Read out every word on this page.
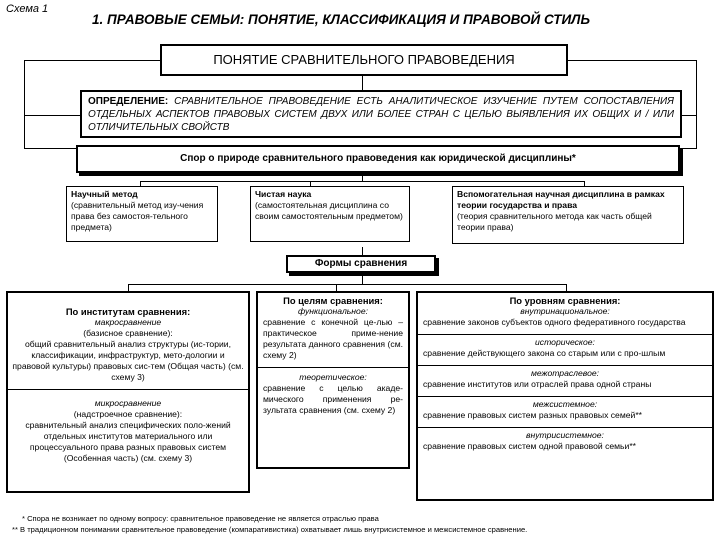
Схема 1
1. ПРАВОВЫЕ СЕМЬИ: ПОНЯТИЕ, КЛАССИФИКАЦИЯ И ПРАВОВОЙ СТИЛЬ
ПОНЯТИЕ СРАВНИТЕЛЬНОГО ПРАВОВЕДЕНИЯ
ОПРЕДЕЛЕНИЕ: СРАВНИТЕЛЬНОЕ ПРАВОВЕДЕНИЕ ЕСТЬ АНАЛИТИЧЕСКОЕ ИЗУЧЕНИЕ ПУТЕМ СОПОСТАВЛЕНИЯ ОТДЕЛЬНЫХ АСПЕКТОВ ПРАВОВЫХ СИСТЕМ ДВУХ ИЛИ БОЛЕЕ СТРАН С ЦЕЛЬЮ ВЫЯВЛЕНИЯ ИХ ОБЩИХ И / ИЛИ ОТЛИЧИТЕЛЬНЫХ СВОЙСТВ
Спор о природе сравнительного правоведения как юридической дисциплины*
Научный метод
(сравнительный метод изу-чения права без самостоя-тельного предмета)
Чистая наука
(самостоятельная дисциплина со своим самостоятельным предметом)
Вспомогательная научная дисциплина в рамках теории государства и права
(теория сравнительного метода как часть общей теории права)
Формы сравнения
По институтам сравнения:
макросравнение
(базисное сравнение):
общий сравнительный анализ структуры (ис-тории, классификации, инфраструктур, мето-дологии и правовой культуры) правовых сис-тем (Общая часть) (см. схему 3)
микросравнение
(надстроечное сравнение):
сравнительный анализ специфических поло-жений отдельных институтов материального или процессуального права разных правовых систем (Особенная часть) (см. схему 3)
По целям сравнения:
функциональное:
сравнение с конечной це-лью – практическое приме-нение результата данного сравнения (см. схему 2)
теоретическое:
сравнение с целью акаде-мического применения ре-зультата сравнения (см. схему 2)
По уровням сравнения:
внутринациональное:
сравнение законов субъектов одного федеративного государства
историческое:
сравнение действующего закона со старым или с про-шлым
межотраслевое:
сравнение институтов или отраслей права одной страны
межсистемное:
сравнение правовых систем разных правовых семей**
внутрисистемное:
сравнение правовых систем одной правовой семьи**
* Спора не возникает по одному вопросу: сравнительное правоведение не является отраслью права
** В традиционном понимании сравнительное правоведение (компаративистика) охватывает лишь внутрисистемное и межсистемное сравнение.
